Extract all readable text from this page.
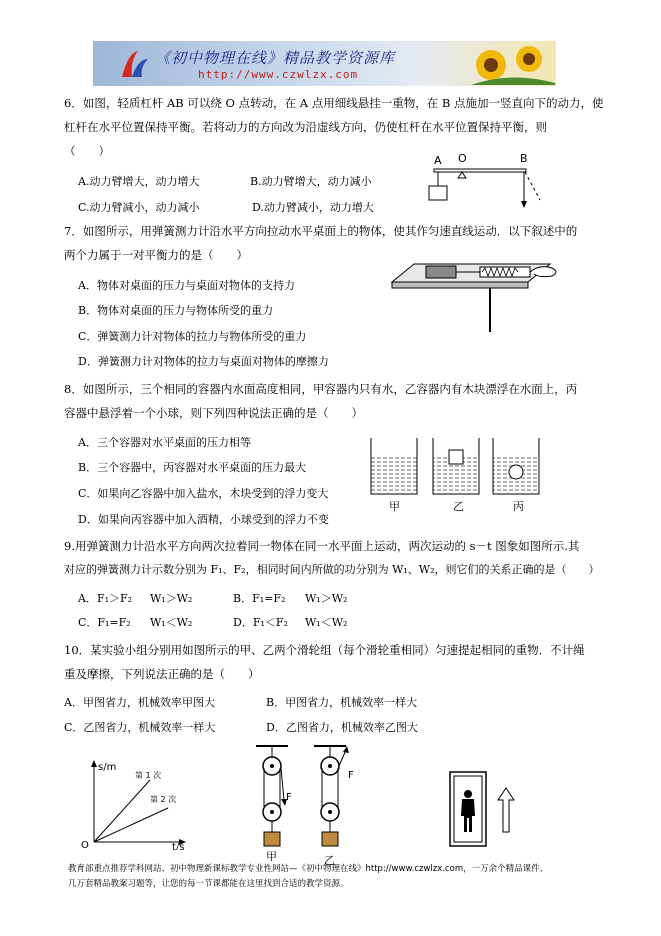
《初中物理在线》精品教学资源库
http://www.czwlzx.com
6．如图，轻质杠杆 AB 可以绕 O 点转动，在 A 点用细线悬挂一重物，在 B 点施加一竖直向下的动力，使
杠杆在水平位置保持平衡。若将动力的方向改为沿虚线方向，仍使杠杆在水平位置保持平衡，则
（　　）
A.动力臂增大，动力增大	B.动力臂增大，动力减小
C.动力臂减小，动力减小	D.动力臂减小，动力增大
A O	B
7．如图所示，用弹簧测力计沿水平方向拉动水平桌面上的物体，使其作匀速直线运动．以下叙述中的
两个力属于一对平衡力的是（　　）
A．物体对桌面的压力与桌面对物体的支持力
B．物体对桌面的压力与物体所受的重力
C．弹簧测力计对物体的拉力与物体所受的重力
D．弹簧测力计对物体的拉力与桌面对物体的摩擦力
8．如图所示，三个相同的容器内水面高度相同，甲容器内只有水，乙容器内有木块漂浮在水面上，丙
容器中悬浮着一个小球，则下列四种说法正确的是（　　）
A．三个容器对水平桌面的压力相等
B．三个容器中，丙容器对水平桌面的压力最大
C．如果向乙容器中加入盐水，木块受到的浮力变大
D．如果向丙容器中加入酒精，小球受到的浮力不变
甲	乙	丙
9.用弹簧测力计沿水平方向两次拉着同一物体在同一水平面上运动，两次运动的 s－t 图象如图所示.其
对应的弹簧测力计示数分别为 F₁、F₂，相同时间内所做的功分别为 W₁、W₂，则它们的关系正确的是（　　）
A．F₁＞F₂ W₁＞W₂	B．F₁=F₂ W₁＞W₂
C．F₁=F₂ W₁＜W₂	D．F₁＜F₂ W₁＜W₂
10．某实验小组分别用如图所示的甲、乙两个滑轮组（每个滑轮重相同）匀速提起相同的重物．不计绳
重及摩擦，下列说法正确的是（　　）
A．甲图省力，机械效率甲图大	B．甲图省力，机械效率一样大
C．乙图省力，机械效率一样大	D．乙图省力，机械效率乙图大
s/m
t/s
O
第 1 次
第 2 次	F
甲
F
乙
教育部重点推荐学科网站、初中物理新课标教学专业性网站—《初中物理在线》http://www.czwlzx.com，一万余个精品课件、
几万套精品教案习题等，让您的每一节课都能在这里找到合适的教学资源。
